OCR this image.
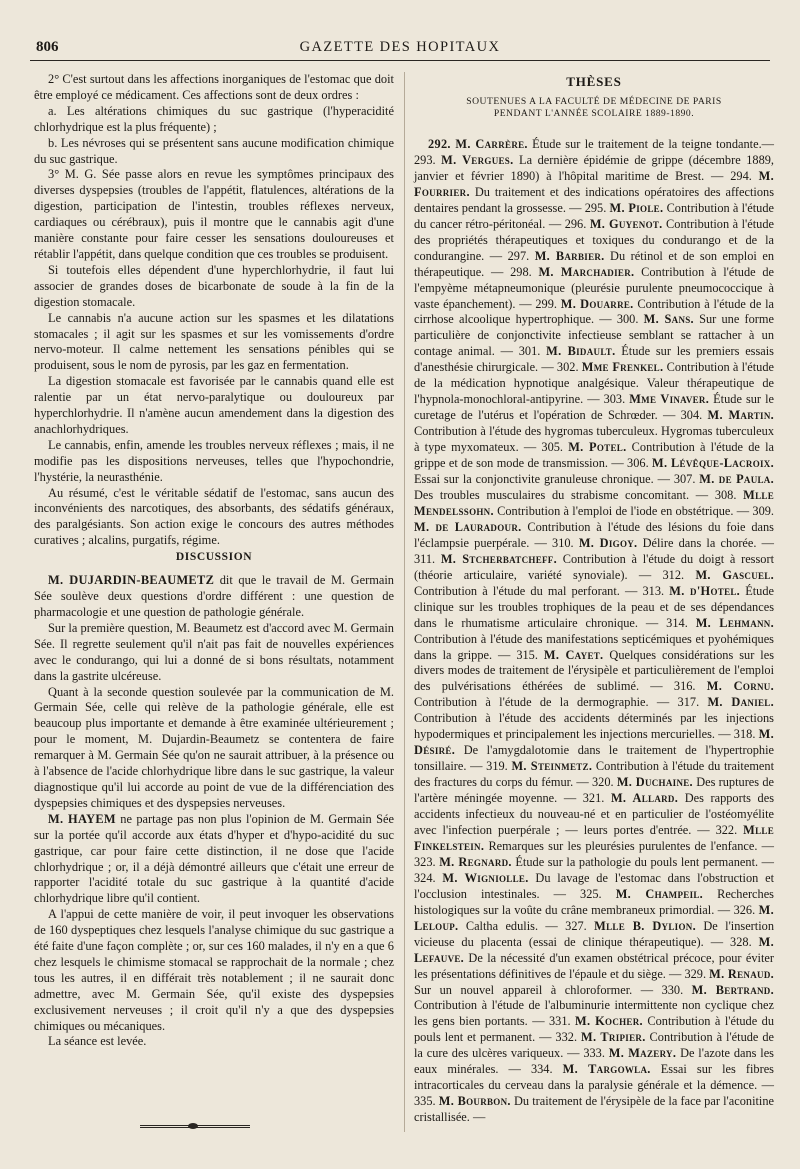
806	GAZETTE DES HOPITAUX

2° C'est surtout dans les affections inorganiques de l'estomac que doit être employé ce médicament. Ces affections sont de deux ordres :

a. Les altérations chimiques du suc gastrique (l'hyperacidité chlorhydrique est la plus fréquente) ;

b. Les névroses qui se présentent sans aucune modification chimique du suc gastrique.

3° M. G. Sée passe alors en revue les symptômes principaux des diverses dyspepsies (troubles de l'appétit, flatulences, altérations de la digestion, participation de l'intestin, troubles réflexes nerveux, cardiaques ou cérébraux), puis il montre que le cannabis agit d'une manière constante pour faire cesser les sensations douloureuses et rétablir l'appétit, dans quelque condition que ces troubles se produisent.

Si toutefois elles dépendent d'une hyperchlorhydrie, il faut lui associer de grandes doses de bicarbonate de soude à la fin de la digestion stomacale.

Le cannabis n'a aucune action sur les spasmes et les dilatations stomacales ; il agit sur les spasmes et sur les vomissements d'ordre nervo-moteur. Il calme nettement les sensations pénibles qui se produisent, sous le nom de pyrosis, par les gaz en fermentation.

La digestion stomacale est favorisée par le cannabis quand elle est ralentie par un état nervo-paralytique ou douloureux par hyperchlorhydrie. Il n'amène aucun amendement dans la digestion des anachlorhydriques.

Le cannabis, enfin, amende les troubles nerveux réflexes ; mais, il ne modifie pas les dispositions nerveuses, telles que l'hypochondrie, l'hystérie, la neurasthénie.

Au résumé, c'est le véritable sédatif de l'estomac, sans aucun des inconvénients des narcotiques, des absorbants, des sédatifs généraux, des paralgésiants. Son action exige le concours des autres méthodes curatives ; alcalins, purgatifs, régime.

DISCUSSION

M. DUJARDIN-BEAUMETZ dit que le travail de M. Germain Sée soulève deux questions d'ordre différent : une question de pharmacologie et une question de pathologie générale.

Sur la première question, M. Beaumetz est d'accord avec M. Germain Sée. Il regrette seulement qu'il n'ait pas fait de nouvelles expériences avec le condurango, qui lui a donné de si bons résultats, notamment dans la gastrite ulcéreuse.

Quant à la seconde question soulevée par la communication de M. Germain Sée, celle qui relève de la pathologie générale, elle est beaucoup plus importante et demande à être examinée ultérieurement ; pour le moment, M. Dujardin-Beaumetz se contentera de faire remarquer à M. Germain Sée qu'on ne saurait attribuer, à la présence ou à l'absence de l'acide chlorhydrique libre dans le suc gastrique, la valeur diagnostique qu'il lui accorde au point de vue de la différenciation des dyspepsies chimiques et des dyspepsies nerveuses.

M. HAYEM ne partage pas non plus l'opinion de M. Germain Sée sur la portée qu'il accorde aux états d'hyper et d'hypo-acidité du suc gastrique, car pour faire cette distinction, il ne dose que l'acide chlorhydrique ; or, il a déjà démontré ailleurs que c'était une erreur de rapporter l'acidité totale du suc gastrique à la quantité d'acide chlorhydrique libre qu'il contient.

A l'appui de cette manière de voir, il peut invoquer les observations de 160 dyspeptiques chez lesquels l'analyse chimique du suc gastrique a été faite d'une façon complète ; or, sur ces 160 malades, il n'y en a que 6 chez lesquels le chimisme stomacal se rapprochait de la normale ; chez tous les autres, il en différait très notablement ; il ne saurait donc admettre, avec M. Germain Sée, qu'il existe des dyspepsies exclusivement nerveuses ; il croit qu'il n'y a que des dyspepsies chimiques ou mécaniques.

La séance est levée.

THÈSES
SOUTENUES A LA FACULTÉ DE MÉDECINE DE PARIS
PENDANT L'ANNÉE SCOLAIRE 1889-1890.

292. M. Carrère. Étude sur le traitement de la teigne tondante.— 293. M. Vergues. La dernière épidémie de grippe (décembre 1889, janvier et février 1890) à l'hôpital maritime de Brest. — 294. M. Fourrier. Du traitement et des indications opératoires des affections dentaires pendant la grossesse. — 295. M. Piole. Contribution à l'étude du cancer rétro-péritonéal. — 296. M. Guyenot. Contribution à l'étude des propriétés thérapeutiques et toxiques du condurango et de la condurangine. — 297. M. Barbier. Du rétinol et de son emploi en thérapeutique. — 298. M. Marchadier. Contribution à l'étude de l'empyème métapneumonique (pleurésie purulente pneumococcique à vaste épanchement). — 299. M. Douarre. Contribution à l'étude de la cirrhose alcoolique hypertrophique. — 300. M. Sans. Sur une forme particulière de conjonctivite infectieuse semblant se rattacher à un contage animal. — 301. M. Bidault. Étude sur les premiers essais d'anesthésie chirurgicale. — 302. Mme Frenkel. Contribution à l'étude de la médication hypnotique analgésique. Valeur thérapeutique de l'hypnola-monochloral-antipyrine. — 303. Mme Vinaver. Étude sur le curetage de l'utérus et l'opération de Schrœder. — 304. M. Martin. Contribution à l'étude des hygromas tuberculeux. Hygromas tuberculeux à type myxomateux. — 305. M. Potel. Contribution à l'étude de la grippe et de son mode de transmission. — 306. M. Lévêque-Lacroix. Essai sur la conjonctivite granuleuse chronique. — 307. M. de Paula. Des troubles musculaires du strabisme concomitant. — 308. Mlle Mendelssohn. Contribution à l'emploi de l'iode en obstétrique. — 309. M. de Lauradour. Contribution à l'étude des lésions du foie dans l'éclampsie puerpérale. — 310. M. Digoy. Délire dans la chorée. — 311. M. Stcherbatcheff. Contribution à l'étude du doigt à ressort (théorie articulaire, variété synoviale). — 312. M. Gascuel. Contribution à l'étude du mal perforant. — 313. M. d'Hotel. Étude clinique sur les troubles trophiques de la peau et de ses dépendances dans le rhumatisme articulaire chronique. — 314. M. Lehmann. Contribution à l'étude des manifestations septicémiques et pyohémiques dans la grippe. — 315. M. Cayet. Quelques considérations sur les divers modes de traitement de l'érysipèle et particulièrement de l'emploi des pulvérisations éthérées de sublimé. — 316. M. Cornu. Contribution à l'étude de la dermographie. — 317. M. Daniel. Contribution à l'étude des accidents déterminés par les injections hypodermiques et principalement les injections mercurielles. — 318. M. Désiré. De l'amygdalotomie dans le traitement de l'hypertrophie tonsillaire. — 319. M. Steinmetz. Contribution à l'étude du traitement des fractures du corps du fémur. — 320. M. Duchaine. Des ruptures de l'artère méningée moyenne. — 321. M. Allard. Des rapports des accidents infectieux du nouveau-né et en particulier de l'ostéomyélite avec l'infection puerpérale ; — leurs portes d'entrée. — 322. Mlle Finkelstein. Remarques sur les pleurésies purulentes de l'enfance. — 323. M. Regnard. Étude sur la pathologie du pouls lent permanent. — 324. M. Wigniolle. Du lavage de l'estomac dans l'obstruction et l'occlusion intestinales. — 325. M. Champeil. Recherches histologiques sur la voûte du crâne membraneux primordial. — 326. M. Leloup. Caltha edulis. — 327. Mlle B. Dylion. De l'insertion vicieuse du placenta (essai de clinique thérapeutique). — 328. M. Lefauve. De la nécessité d'un examen obstétrical précoce, pour éviter les présentations définitives de l'épaule et du siège. — 329. M. Renaud. Sur un nouvel appareil à chloroformer. — 330. M. Bertrand. Contribution à l'étude de l'albuminurie intermittente non cyclique chez les gens bien portants. — 331. M. Kocher. Contribution à l'étude du pouls lent et permanent. — 332. M. Tripier. Contribution à l'étude de la cure des ulcères variqueux. — 333. M. Mazery. De l'azote dans les eaux minérales. — 334. M. Targowla. Essai sur les fibres intracorticales du cerveau dans la paralysie générale et la démence. — 335. M. Bourbon. Du traitement de l'érysipèle de la face par l'aconitine cristallisée. —
